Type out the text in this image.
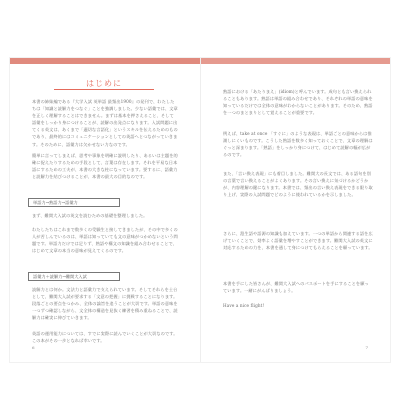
はじめに
本書の姉妹編である『大学入試 英単語 最頻出1900』の発刊で、わたしたちは「知識と読解力をつなぐ」ことを強調しました。少ない語彙では、文章を正しく理解することはできません。まずは基本を押さえること、そして語彙をしっかり身につけることが、読解の出発点になります。入試問題に出てくる英文は、あくまで「適切な言語化」というスキルを伝えるためのものであり、最終的にはコミュニケーションとしての英語へとつながっていきます。そのために、語彙力は欠かせない力なのです。
簡単に言ってしまえば、思考や事象を明確に説明したり、あるいは主題を的確に捉えたりするための手段として、言葉は存在します。それを平易な日本語にするための工夫が、本書の大きな柱になっています。要するに、語彙力と読解力を結びつけることが、本書の最大の目的なのです。
単語力→熟語力→語彙力
まず、難関大入試の英文を読むための基礎を整理しました。
わたしたちはこれまで数多くの受験生と接してきましたが、その中で多くの人が苦しんでいるのは、単語は知っていても文の意味がつかめないという問題です。単語力だけでは足りず、熟語や構文の知識を組み合わせることで、はじめて文章の本当の意味が見えてくるのです。
語彙力＋読解力→難関大入試
読解力とは何か。文法力と語彙力で支えられています。そしてそれらを土台として、難関大入試が要求する「文意の把握」に挑戦することになります。段落ごとの要点をつかみ、全体の論旨を追うことが大切です。単語の意味を一つずつ確認しながら、文全体の構造を見抜く練習を積み重ねることで、読解力は確実に伸びていきます。
英語の運用能力については、すでに実際に読んでいくことが大切なのです。この本がその一歩となれば幸いです。
6
熟語における「あたりまえ」(idiom)と呼んでいます。成句とも言い換えられることもあります。熟語は単語の組み合わせであり、それぞれの単語の意味を知っているだけでは全体の意味がわからないことがあります。そのため、熟語を一つのまとまりとして覚えることが重要です。
例えば、take at once 「すぐに」のような表現は、単語ごとの意味からは推測しにくいものです。こうした熟語を数多く知っておくことで、文章の理解はぐっと深まります。「熟語」をしっかり身につけて、はじめて読解の幅が広がるのです。
また、「言い換え表現」にも着目しました。難関大の長文では、ある語句を別の言葉で言い換えることがよくあります。その言い換えに気づけるかどうかが、内容理解の鍵になります。本書では、頻出の言い換え表現をできる限り取り上げ、実際の入試問題でどのように使われているかを示しました。
さらに、派生語や語源の知識も加えています。一つの単語から関連する語を広げていくことで、効率よく語彙を増やすことができます。難関大入試の英文に対応するための力を、本書を通して身につけてもらえることを願っています。
本書を手にした皆さんが、難関大入試へのパスポートを手にすることを願っています。一緒にがんばりましょう。
Have a nice flight!
7
